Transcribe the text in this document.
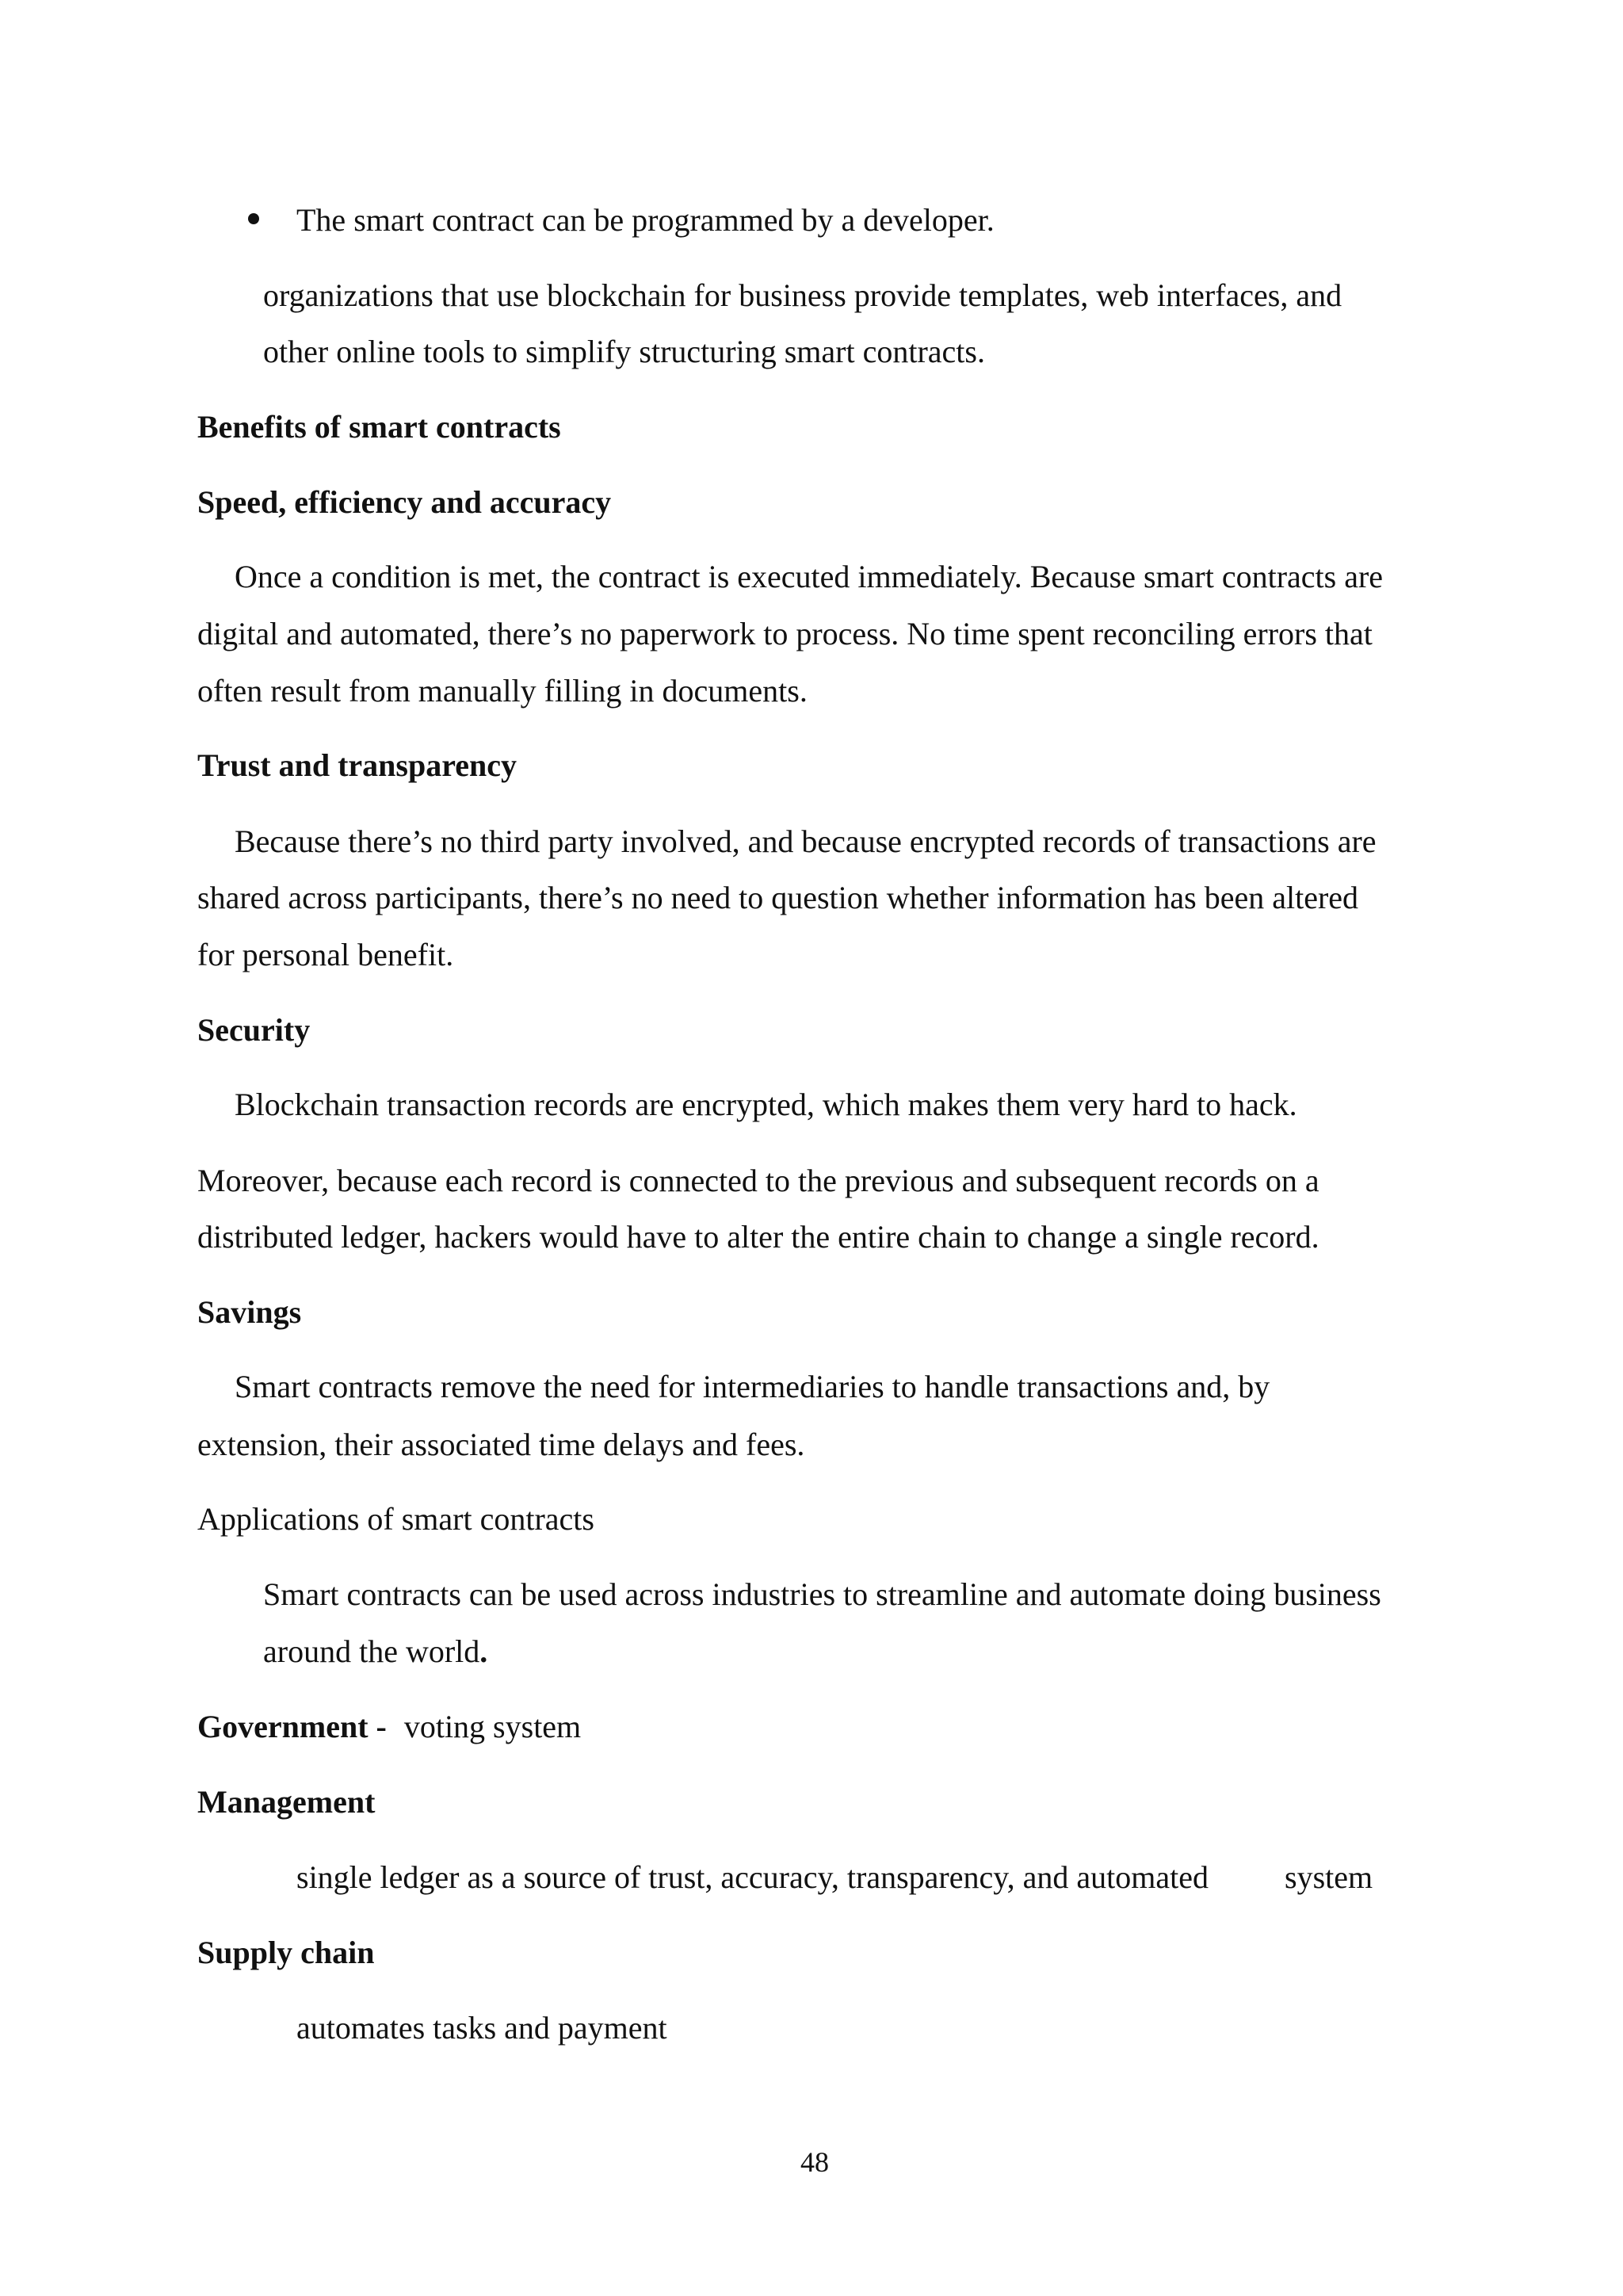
The smart contract can be programmed by a developer.
organizations that use blockchain for business provide templates, web interfaces, and
other online tools to simplify structuring smart contracts.
Benefits of smart contracts
Speed, efficiency and accuracy
Once a condition is met, the contract is executed immediately. Because smart contracts are
digital and automated, there’s no paperwork to process. No time spent reconciling errors that
often result from manually filling in documents.
Trust and transparency
Because there’s no third party involved, and because encrypted records of transactions are
shared across participants, there’s no need to question whether information has been altered
for personal benefit.
Security
Blockchain transaction records are encrypted, which makes them very hard to hack.
Moreover, because each record is connected to the previous and subsequent records on a
distributed ledger, hackers would have to alter the entire chain to change a single record.
Savings
Smart contracts remove the need for intermediaries to handle transactions and, by
extension, their associated time delays and fees.
Applications of smart contracts
Smart contracts can be used across industries to streamline and automate doing business
around the world.
Government - voting system
Management
single ledger as a source of trust, accuracy, transparency, and automated system
Supply chain
automates tasks and payment
48
